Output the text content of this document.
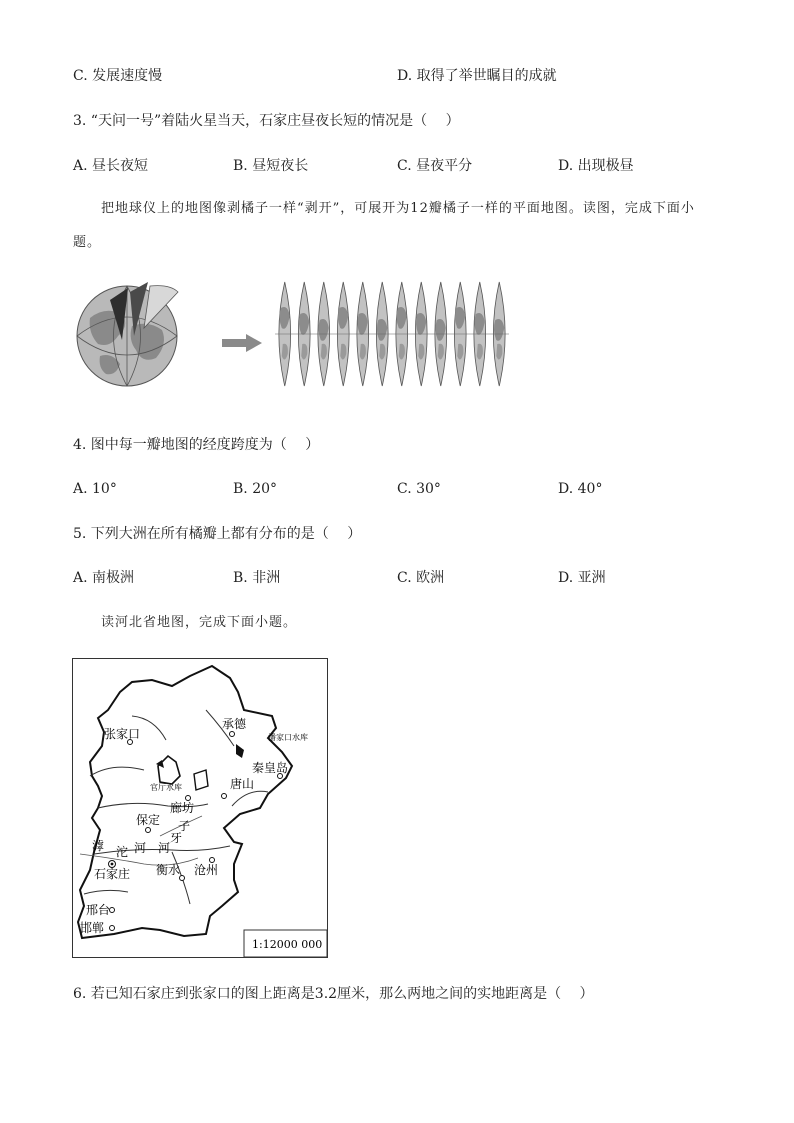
C. 发展速度慢	D. 取得了举世瞩目的成就
3. “天问一号”着陆火星当天，石家庄昼夜长短的情况是（　 ）
A. 昼长夜短	B. 昼短夜长	C. 昼夜平分	D. 出现极昼
把地球仪上的地图像剥橘子一样“剥开”，可展开为12瓣橘子一样的平面地图。读图，完成下面小题。
4. 图中每一瓣地图的经度跨度为（　 ）
A. 10°	B. 20°	C. 30°	D. 40°
5. 下列大洲在所有橘瓣上都有分布的是（　 ）
A. 南极洲	B. 非洲	C. 欧洲	D. 亚洲
读河北省地图，完成下面小题。
承德
张家口	潘家口水库
秦皇岛
唐山
官厅水库
廊坊
保定 子
牙
滹 沱 河 河
石家庄	沧州
衡水
邢台
邯郸
1:12000 000
6. 若已知石家庄到张家口的图上距离是3.2厘米，那么两地之间的实地距离是（　 ）
